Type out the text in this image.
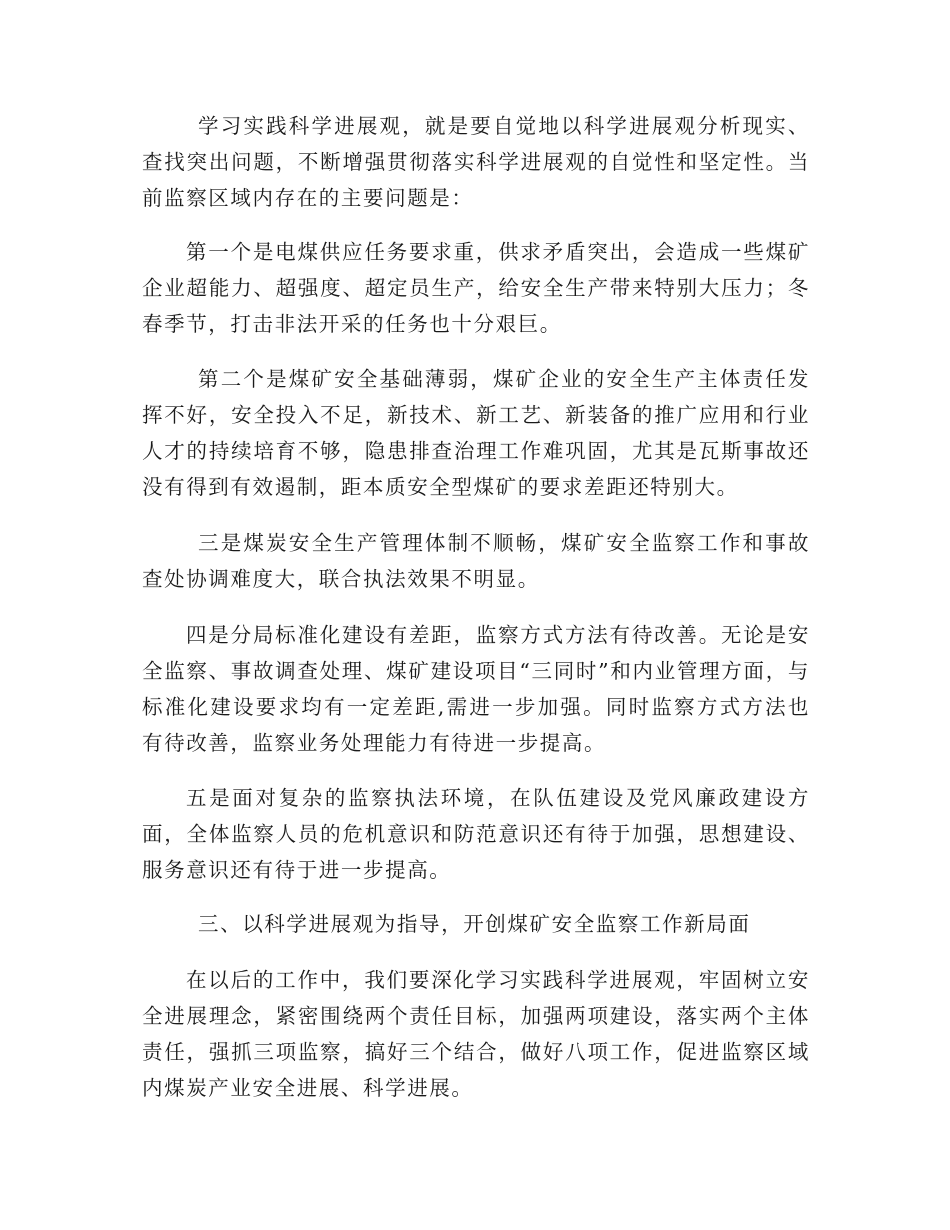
学习实践科学进展观，就是要自觉地以科学进展观分析现实、查找突出问题，不断增强贯彻落实科学进展观的自觉性和坚定性。当前监察区域内存在的主要问题是：

第一个是电煤供应任务要求重，供求矛盾突出，会造成一些煤矿企业超能力、超强度、超定员生产，给安全生产带来特别大压力；冬春季节，打击非法开采的任务也十分艰巨。

第二个是煤矿安全基础薄弱，煤矿企业的安全生产主体责任发挥不好，安全投入不足，新技术、新工艺、新装备的推广应用和行业人才的持续培育不够，隐患排查治理工作难巩固，尤其是瓦斯事故还没有得到有效遏制，距本质安全型煤矿的要求差距还特别大。

三是煤炭安全生产管理体制不顺畅，煤矿安全监察工作和事故查处协调难度大，联合执法效果不明显。

四是分局标准化建设有差距，监察方式方法有待改善。无论是安全监察、事故调查处理、煤矿建设项目“三同时”和内业管理方面，与标准化建设要求均有一定差距,需进一步加强。同时监察方式方法也有待改善，监察业务处理能力有待进一步提高。

五是面对复杂的监察执法环境，在队伍建设及党风廉政建设方面，全体监察人员的危机意识和防范意识还有待于加强，思想建设、服务意识还有待于进一步提高。

三、以科学进展观为指导，开创煤矿安全监察工作新局面

在以后的工作中，我们要深化学习实践科学进展观，牢固树立安全进展理念，紧密围绕两个责任目标，加强两项建设，落实两个主体责任，强抓三项监察，搞好三个结合，做好八项工作，促进监察区域内煤炭产业安全进展、科学进展。
